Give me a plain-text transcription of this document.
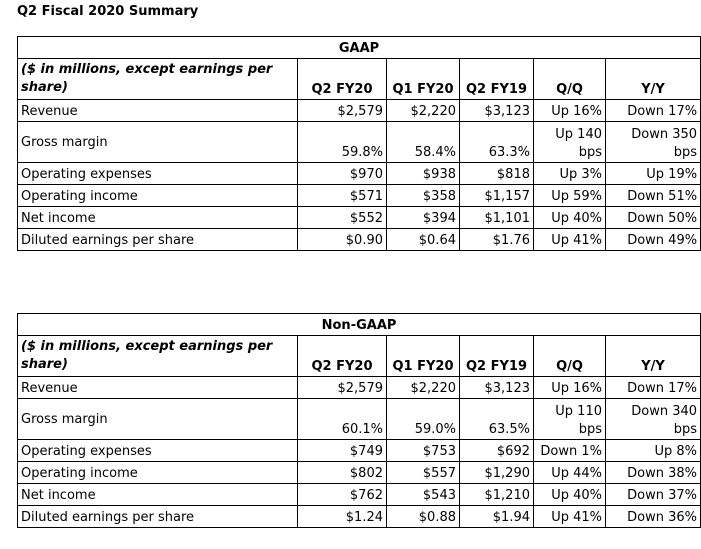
Q2 Fiscal 2020 Summary
GAAP					
($ in millions, except earnings per share)	Q2 FY20	Q1 FY20	Q2 FY19	Q/Q	Y/Y
Revenue	$2,579	$2,220	$3,123	Up 16%	Down 17%
Gross margin	59.8%	58.4%	63.3%	Up 140 bps	Down 350 bps
Operating expenses	$970	$938	$818	Up 3%	Up 19%
Operating income	$571	$358	$1,157	Up 59%	Down 51%
Net income	$552	$394	$1,101	Up 40%	Down 50%
Diluted earnings per share	$0.90	$0.64	$1.76	Up 41%	Down 49%
Non-GAAP					
($ in millions, except earnings per share)	Q2 FY20	Q1 FY20	Q2 FY19	Q/Q	Y/Y
Revenue	$2,579	$2,220	$3,123	Up 16%	Down 17%
Gross margin	60.1%	59.0%	63.5%	Up 110 bps	Down 340 bps
Operating expenses	$749	$753	$692	Down 1%	Up 8%
Operating income	$802	$557	$1,290	Up 44%	Down 38%
Net income	$762	$543	$1,210	Up 40%	Down 37%
Diluted earnings per share	$1.24	$0.88	$1.94	Up 41%	Down 36%
